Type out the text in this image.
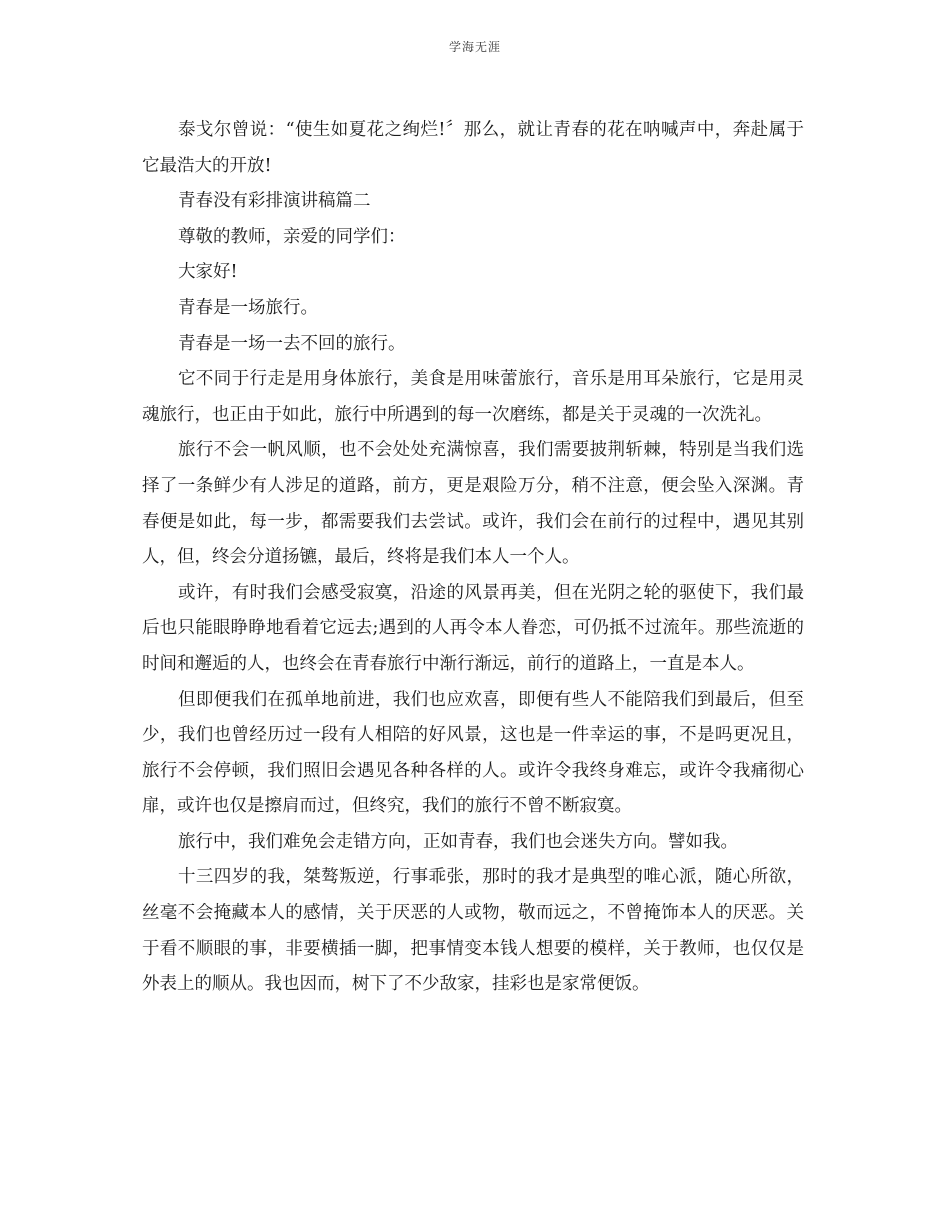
学海无涯

泰戈尔曾说：“使生如夏花之绚烂!〞那么，就让青春的花在呐喊声中，奔赴属于它最浩大的开放!

青春没有彩排演讲稿篇二

尊敬的教师，亲爱的同学们：

大家好!

青春是一场旅行。

青春是一场一去不回的旅行。

它不同于行走是用身体旅行，美食是用味蕾旅行，音乐是用耳朵旅行，它是用灵魂旅行，也正由于如此，旅行中所遇到的每一次磨练，都是关于灵魂的一次洗礼。

旅行不会一帆风顺，也不会处处充满惊喜，我们需要披荆斩棘，特别是当我们选择了一条鲜少有人涉足的道路，前方，更是艰险万分，稍不注意，便会坠入深渊。青春便是如此，每一步，都需要我们去尝试。或许，我们会在前行的过程中，遇见其别人，但，终会分道扬镳，最后，终将是我们本人一个人。

或许，有时我们会感受寂寞，沿途的风景再美，但在光阴之轮的驱使下，我们最后也只能眼睁睁地看着它远去;遇到的人再令本人眷恋，可仍抵不过流年。那些流逝的时间和邂逅的人，也终会在青春旅行中渐行渐远，前行的道路上，一直是本人。

但即便我们在孤单地前进，我们也应欢喜，即便有些人不能陪我们到最后，但至少，我们也曾经历过一段有人相陪的好风景，这也是一件幸运的事，不是吗更况且，旅行不会停顿，我们照旧会遇见各种各样的人。或许令我终身难忘，或许令我痛彻心扉，或许也仅是擦肩而过，但终究，我们的旅行不曾不断寂寞。

旅行中，我们难免会走错方向，正如青春，我们也会迷失方向。譬如我。

十三四岁的我，桀骜叛逆，行事乖张，那时的我才是典型的唯心派，随心所欲，丝毫不会掩藏本人的感情，关于厌恶的人或物，敬而远之，不曾掩饰本人的厌恶。关于看不顺眼的事，非要横插一脚，把事情变本钱人想要的模样，关于教师，也仅仅是外表上的顺从。我也因而，树下了不少敌家，挂彩也是家常便饭。
